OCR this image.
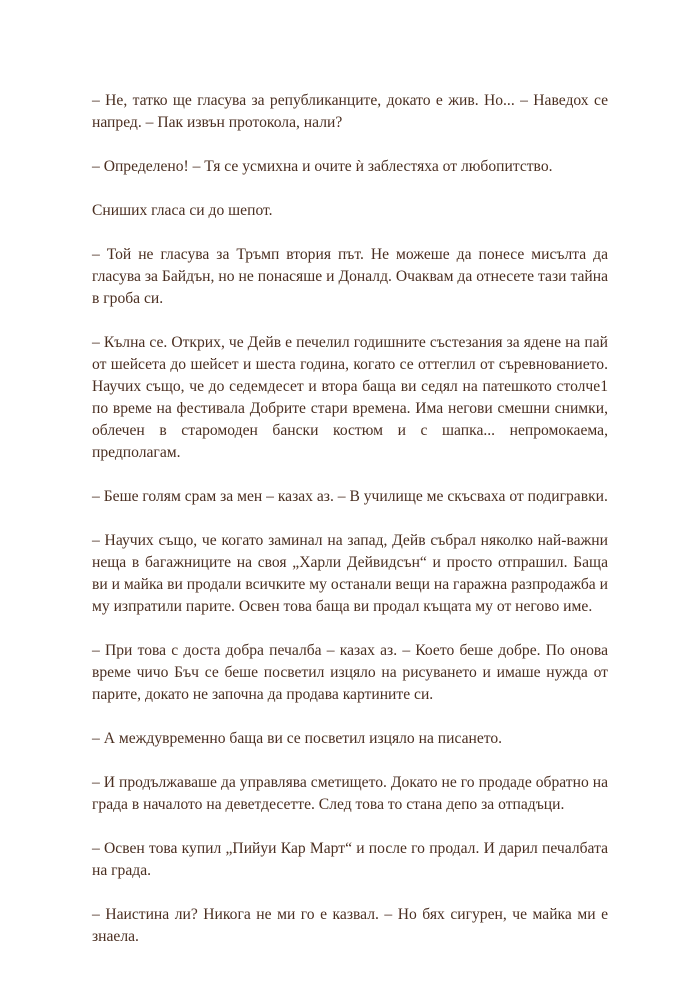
– Не, татко ще гласува за републиканците, докато е жив. Но... – Наведох се напред. – Пак извън протокола, нали?

– Определено! – Тя се усмихна и очите ѝ заблестяха от любопитство.

Сниших гласа си до шепот.

– Той не гласува за Тръмп втория път. Не можеше да понесе мисълта да гласува за Байдън, но не понасяше и Доналд. Очаквам да отнесете тази тайна в гроба си.

– Кълна се. Открих, че Дейв е печелил годишните състезания за ядене на пай от шейсета до шейсет и шеста година, когато се оттеглил от съревнованието. Научих също, че до седемдесет и втора баща ви седял на патешкото столче1 по време на фестивала Добрите стари времена. Има негови смешни снимки, облечен в старомоден бански костюм и с шапка... непромокаема, предполагам.

– Беше голям срам за мен – казах аз. – В училище ме скъсваха от подигравки.

– Научих също, че когато заминал на запад, Дейв събрал няколко най-важни неща в багажниците на своя „Харли Дейвидсън“ и просто отпрашил. Баща ви и майка ви продали всичките му останали вещи на гаражна разпродажба и му изпратили парите. Освен това баща ви продал къщата му от негово име.

– При това с доста добра печалба – казах аз. – Което беше добре. По онова време чичо Бъч се беше посветил изцяло на рисуването и имаше нужда от парите, докато не започна да продава картините си.

– А междувременно баща ви се посветил изцяло на писането.

– И продължаваше да управлява сметището. Докато не го продаде обратно на града в началото на деветдесетте. След това то стана депо за отпадъци.

– Освен това купил „Пийуи Кар Март“ и после го продал. И дарил печалбата на града.

– Наистина ли? Никога не ми го е казвал. – Но бях сигурен, че майка ми е знаела.
